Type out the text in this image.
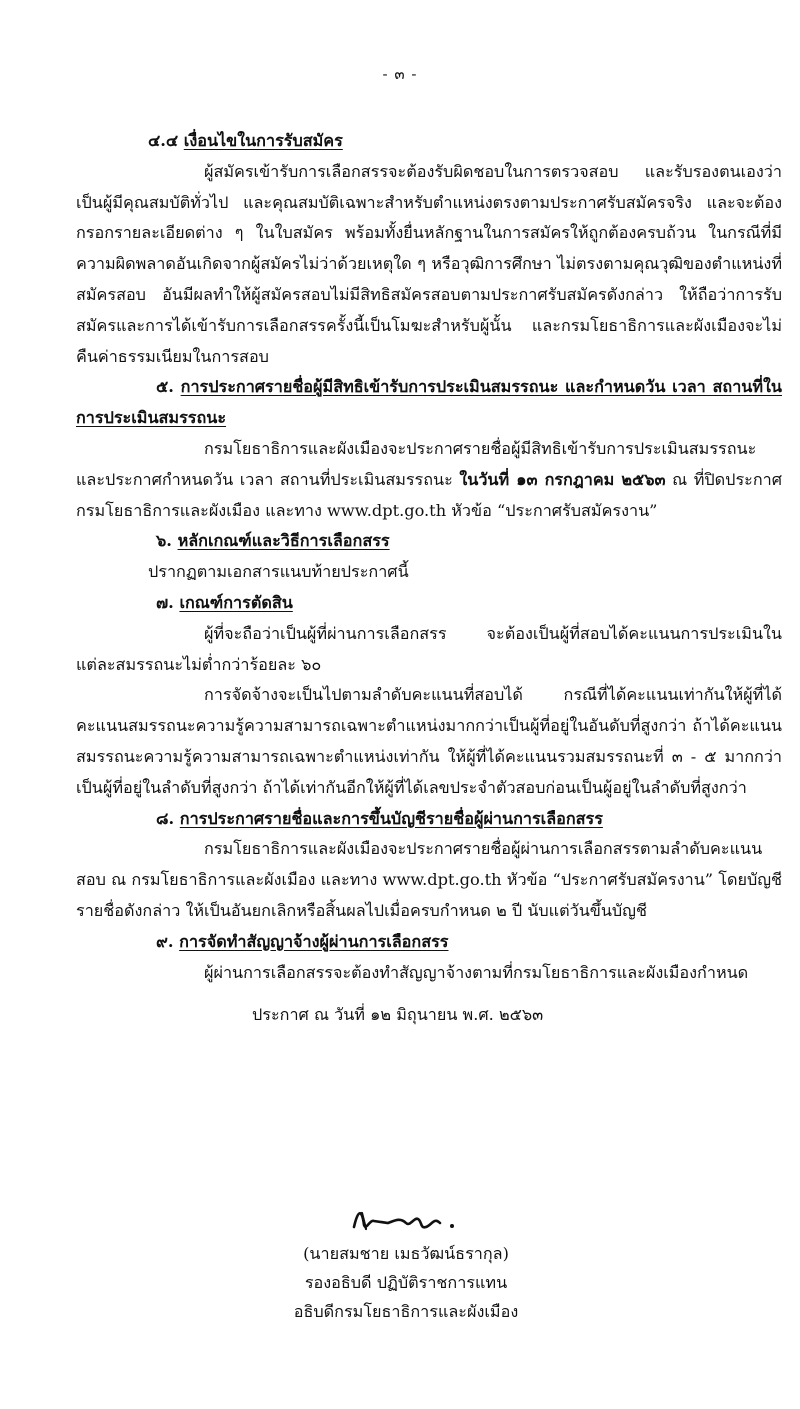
- ๓ -

๔.๔ เงื่อนไขในการรับสมัคร

ผู้สมัครเข้ารับการเลือกสรรจะต้องรับผิดชอบในการตรวจสอบ และรับรองตนเองว่า

เป็นผู้มีคุณสมบัติทั่วไป และคุณสมบัติเฉพาะสำหรับตำแหน่งตรงตามประกาศรับสมัครจริง และจะต้องกรอกรายละเอียดต่าง ๆ ในใบสมัคร พร้อมทั้งยื่นหลักฐานในการสมัครให้ถูกต้องครบถ้วน ในกรณีที่มีความผิดพลาดอันเกิดจากผู้สมัครไม่ว่าด้วยเหตุใด ๆ หรือวุฒิการศึกษา ไม่ตรงตามคุณวุฒิของตำแหน่งที่สมัครสอบ อันมีผลทำให้ผู้สมัครสอบไม่มีสิทธิสมัครสอบตามประกาศรับสมัครดังกล่าว ให้ถือว่าการรับสมัครและการได้เข้ารับการเลือกสรรครั้งนี้เป็นโมฆะสำหรับผู้นั้น และกรมโยธาธิการและผังเมืองจะไม่คืนค่าธรรมเนียมในการสอบ

๕. การประกาศรายชื่อผู้มีสิทธิเข้ารับการประเมินสมรรถนะ และกำหนดวัน เวลา สถานที่ในการประเมินสมรรถนะ

กรมโยธาธิการและผังเมืองจะประกาศรายชื่อผู้มีสิทธิเข้ารับการประเมินสมรรถนะและประกาศกำหนดวัน เวลา สถานที่ประเมินสมรรถนะ ในวันที่ ๑๓ กรกฎาคม ๒๕๖๓ ณ ที่ปิดประกาศกรมโยธาธิการและผังเมือง และทาง www.dpt.go.th หัวข้อ “ประกาศรับสมัครงาน”

๖. หลักเกณฑ์และวิธีการเลือกสรร

ปรากฏตามเอกสารแนบท้ายประกาศนี้

๗. เกณฑ์การตัดสิน

ผู้ที่จะถือว่าเป็นผู้ที่ผ่านการเลือกสรร จะต้องเป็นผู้ที่สอบได้คะแนนการประเมินในแต่ละสมรรถนะไม่ต่ำกว่าร้อยละ ๖๐

การจัดจ้างจะเป็นไปตามลำดับคะแนนที่สอบได้ กรณีที่ได้คะแนนเท่ากันให้ผู้ที่ได้คะแนนสมรรถนะความรู้ความสามารถเฉพาะตำแหน่งมากกว่าเป็นผู้ที่อยู่ในอันดับที่สูงกว่า ถ้าได้คะแนนสมรรถนะความรู้ความสามารถเฉพาะตำแหน่งเท่ากัน ให้ผู้ที่ได้คะแนนรวมสมรรถนะที่ ๓ - ๕ มากกว่า เป็นผู้ที่อยู่ในลำดับที่สูงกว่า ถ้าได้เท่ากันอีกให้ผู้ที่ได้เลขประจำตัวสอบก่อนเป็นผู้อยู่ในลำดับที่สูงกว่า

๘. การประกาศรายชื่อและการขึ้นบัญชีรายชื่อผู้ผ่านการเลือกสรร

กรมโยธาธิการและผังเมืองจะประกาศรายชื่อผู้ผ่านการเลือกสรรตามลำดับคะแนนสอบ ณ กรมโยธาธิการและผังเมือง และทาง www.dpt.go.th หัวข้อ “ประกาศรับสมัครงาน” โดยบัญชีรายชื่อดังกล่าว ให้เป็นอันยกเลิกหรือสิ้นผลไปเมื่อครบกำหนด ๒ ปี นับแต่วันขึ้นบัญชี

๙. การจัดทำสัญญาจ้างผู้ผ่านการเลือกสรร

ผู้ผ่านการเลือกสรรจะต้องทำสัญญาจ้างตามที่กรมโยธาธิการและผังเมืองกำหนด

ประกาศ ณ วันที่ ๑๒ มิถุนายน พ.ศ. ๒๕๖๓

(นายสมชาย เมธวัฒน์ธรากุล)
รองอธิบดี ปฏิบัติราชการแทน
อธิบดีกรมโยธาธิการและผังเมือง
